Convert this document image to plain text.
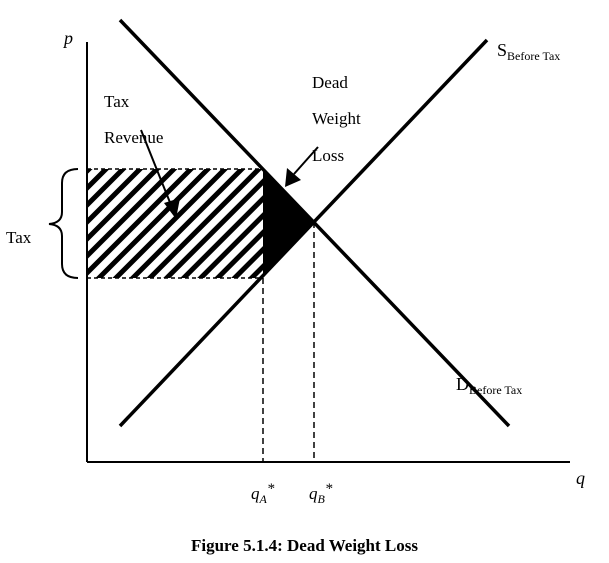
p
q
$S_{Before Tax}$
$D_{Before Tax}$
Tax
Revenue
Dead
Weight
Loss
Tax
$q_A*$ $q_B*$
Figure 5.1.4: Dead Weight Loss
